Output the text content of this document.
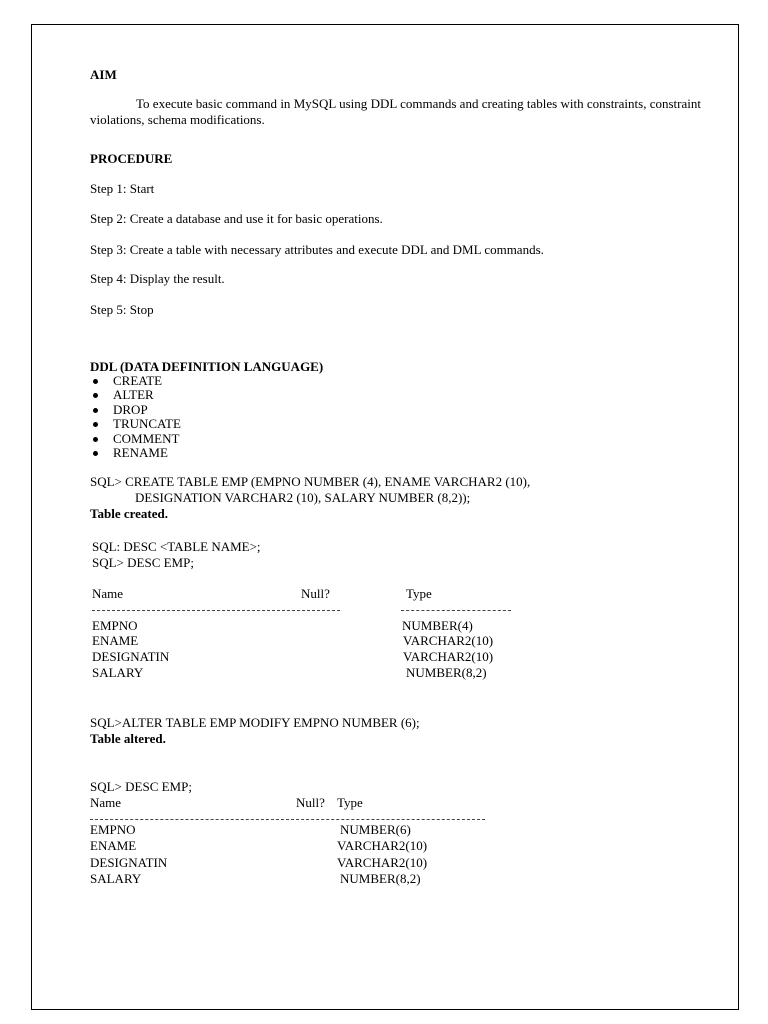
AIM
To execute basic command in MySQL using DDL commands and creating tables with constraints, constraint violations, schema modifications.
PROCEDURE
Step 1: Start
Step 2: Create a database and use it for basic operations.
Step 3: Create a table with necessary attributes and execute DDL and DML commands.
Step 4: Display the result.
Step 5: Stop
DDL (DATA DEFINITION LANGUAGE)
CREATE
ALTER
DROP
TRUNCATE
COMMENT
RENAME
SQL> CREATE TABLE EMP (EMPNO NUMBER (4), ENAME VARCHAR2 (10),
DESIGNATION VARCHAR2 (10), SALARY NUMBER (8,2));
Table created.
SQL: DESC <TABLE NAME>;
SQL> DESC EMP;
Name	Null?	Type
EMPNO	NUMBER(4)
ENAME	VARCHAR2(10)
DESIGNATIN	VARCHAR2(10)
SALARY	NUMBER(8,2)
SQL>ALTER TABLE EMP MODIFY EMPNO NUMBER (6);
Table altered.
SQL> DESC EMP;
Name	Null? Type
EMPNO	NUMBER(6)
ENAME	VARCHAR2(10)
DESIGNATIN	VARCHAR2(10)
SALARY	NUMBER(8,2)
